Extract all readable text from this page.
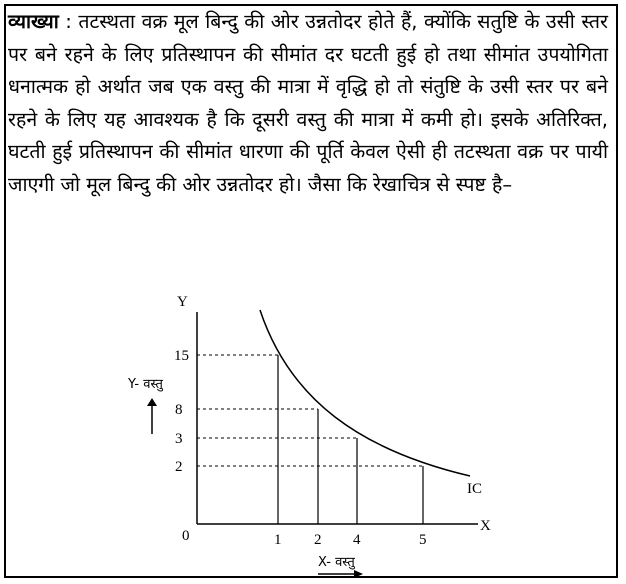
व्याख्या : तटस्थता वक्र मूल बिन्दु की ओर उन्नतोदर होते हैं, क्योंकि सतुष्टि के उसी स्तर पर बने रहने के लिए प्रतिस्थापन की सीमांत दर घटती हुई हो तथा सीमांत उपयोगिता धनात्मक हो अर्थात जब एक वस्तु की मात्रा में वृद्धि हो तो संतुष्टि के उसी स्तर पर बने रहने के लिए यह आवश्यक है कि दूसरी वस्तु की मात्रा में कमी हो। इसके अतिरिक्त, घटती हुई प्रतिस्थापन की सीमांत धारणा की पूर्ति केवल ऐसी ही तटस्थता वक्र पर पायी जाएगी जो मूल बिन्दु की ओर उन्नतोदर हो। जैसा कि रेखाचित्र से स्पष्ट है–
Y
X
0
IC
15
8
3
2
1 2 4	5
Y- वस्तु
X- वस्तु
